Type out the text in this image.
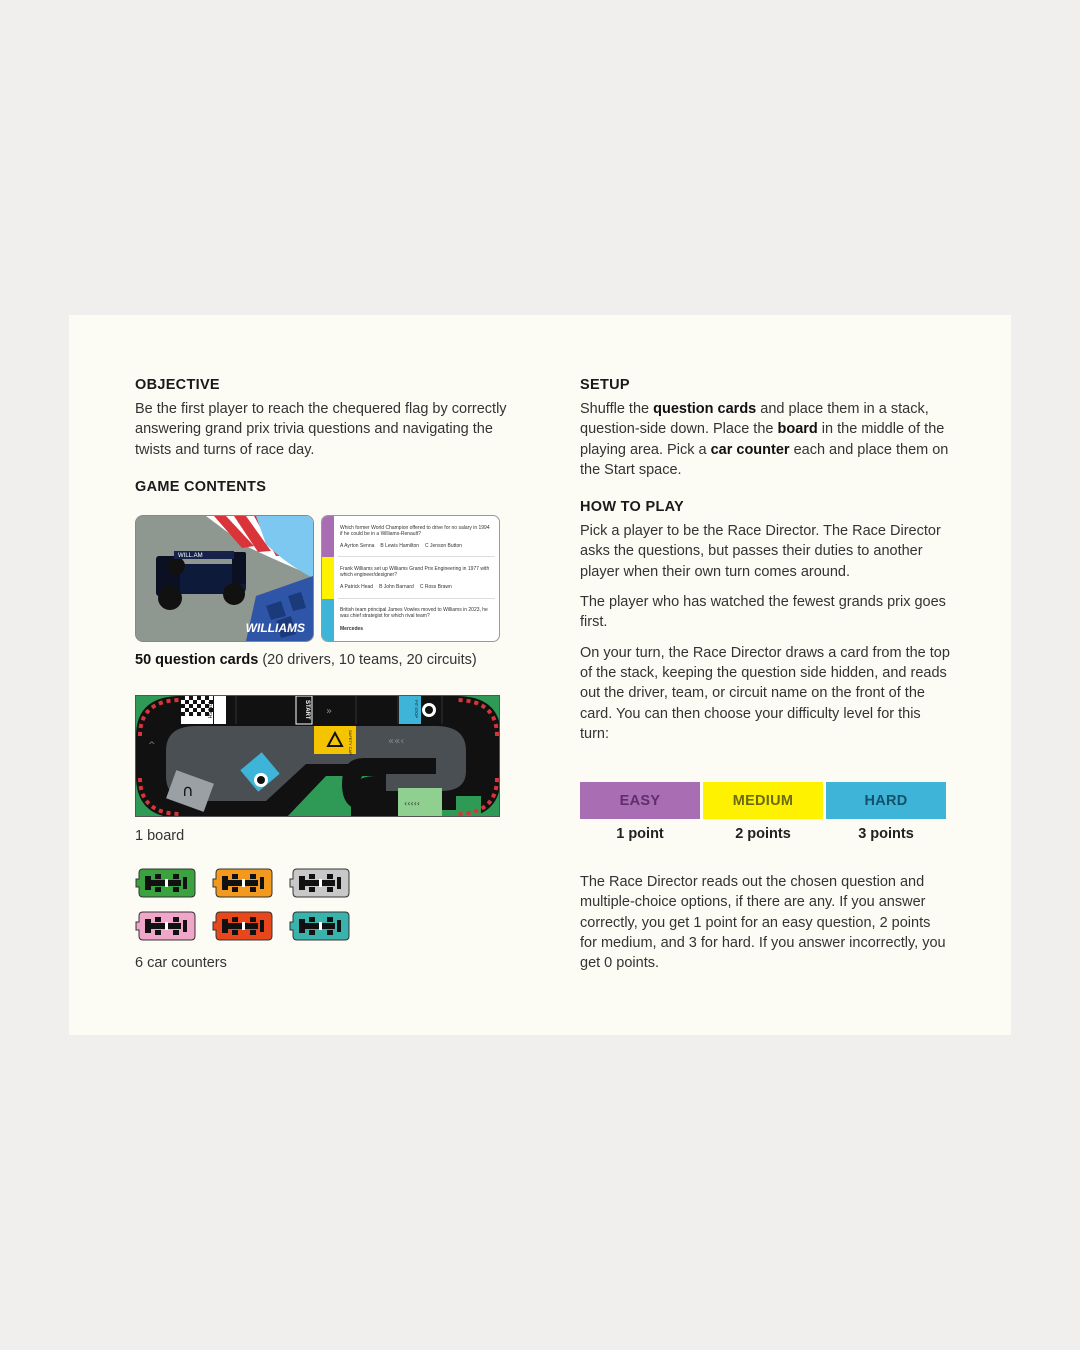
OBJECTIVE

Be the first player to reach the chequered flag by correctly answering grand prix trivia questions and navigating the twists and turns of race day.

GAME CONTENTS
WILL.AM
WILLIAMS
Which former World Champion offered to drive for no salary in 1994 if he could be in a Williams-Renault?
A Ayrton Senna B Lewis Hamilton C Jenson Button
Frank Williams set up Williams Grand Prix Engineering in 1977 with which engineer/designer?
A Patrick Head B John Barnard C Ross Brawn
British team principal James Vowles moved to Williams in 2023, he was chief strategist for which rival team?
Mercedes
50 question cards (20 drivers, 10 teams, 20 circuits)
∩
»
««‹
‹‹‹‹‹
^
FINISH	START
SAFETY CAR
PIT STOP
1 board
6 car counters
SETUP

Shuffle the question cards and place them in a stack, question-side down. Place the board in the middle of the playing area. Pick a car counter each and place them on the Start space.

HOW TO PLAY

Pick a player to be the Race Director. The Race Director asks the questions, but passes their duties to another player when their own turn comes around.

The player who has watched the fewest grands prix goes first.

On your turn, the Race Director draws a card from the top of the stack, keeping the question side hidden, and reads out the driver, team, or circuit name on the front of the card. You can then choose your difficulty level for this turn:

EASY	MEDIUM	HARD
1 point	2 points	3 points

The Race Director reads out the chosen question and multiple-choice options, if there are any. If you answer correctly, you get 1 point for an easy question, 2 points for medium, and 3 for hard. If you answer incorrectly, you get 0 points.
